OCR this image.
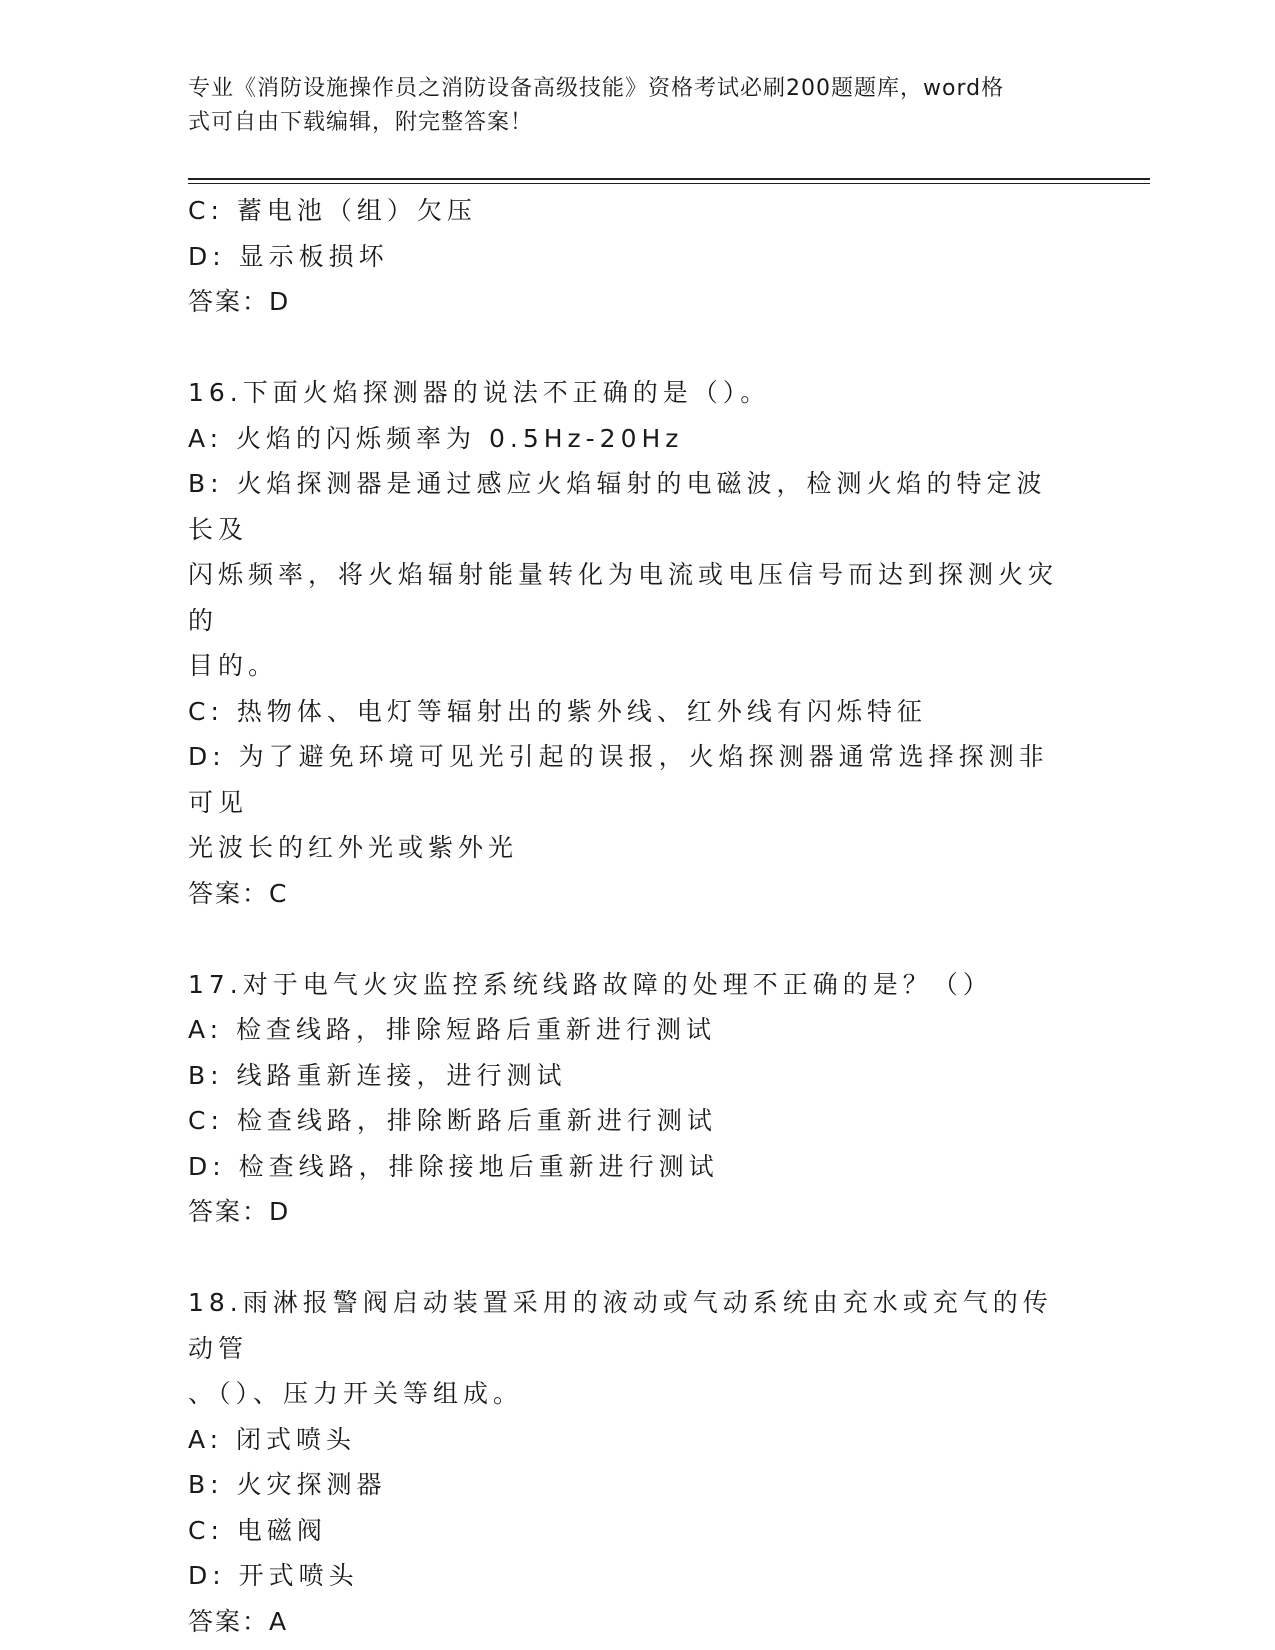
专业《消防设施操作员之消防设备高级技能》资格考试必刷200题题库，word格
式可自由下载编辑，附完整答案！
C: 蓄电池（组）欠压
D: 显示板损坏
答案：D
16.下面火焰探测器的说法不正确的是（）。
A: 火焰的闪烁频率为 0.5Hz-20Hz
B: 火焰探测器是通过感应火焰辐射的电磁波，检测火焰的特定波长及
闪烁频率，将火焰辐射能量转化为电流或电压信号而达到探测火灾的
目的。
C: 热物体、电灯等辐射出的紫外线、红外线有闪烁特征
D: 为了避免环境可见光引起的误报，火焰探测器通常选择探测非可见
光波长的红外光或紫外光
答案：C
17.对于电气火灾监控系统线路故障的处理不正确的是？（）
A: 检查线路，排除短路后重新进行测试
B: 线路重新连接，进行测试
C: 检查线路，排除断路后重新进行测试
D: 检查线路，排除接地后重新进行测试
答案：D
18.雨淋报警阀启动装置采用的液动或气动系统由充水或充气的传动管
、（）、压力开关等组成。
A: 闭式喷头
B: 火灾探测器
C: 电磁阀
D: 开式喷头
答案：A
